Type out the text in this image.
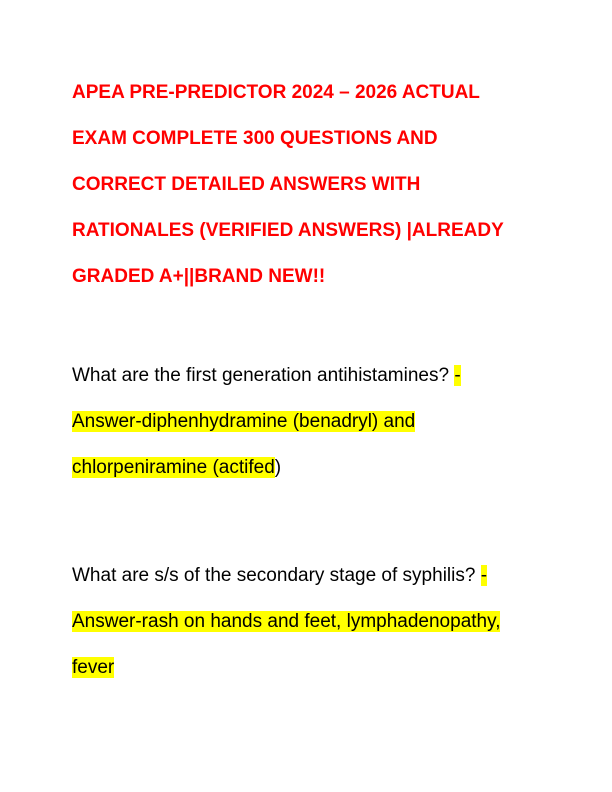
APEA PRE-PREDICTOR 2024 – 2026 ACTUAL
EXAM COMPLETE 300 QUESTIONS AND
CORRECT DETAILED ANSWERS WITH
RATIONALES (VERIFIED ANSWERS) |ALREADY
GRADED A+||BRAND NEW!!
What are the first generation antihistamines? -
Answer-diphenhydramine (benadryl) and
chlorpeniramine (actifed)
What are s/s of the secondary stage of syphilis? -
Answer-rash on hands and feet, lymphadenopathy,
fever
